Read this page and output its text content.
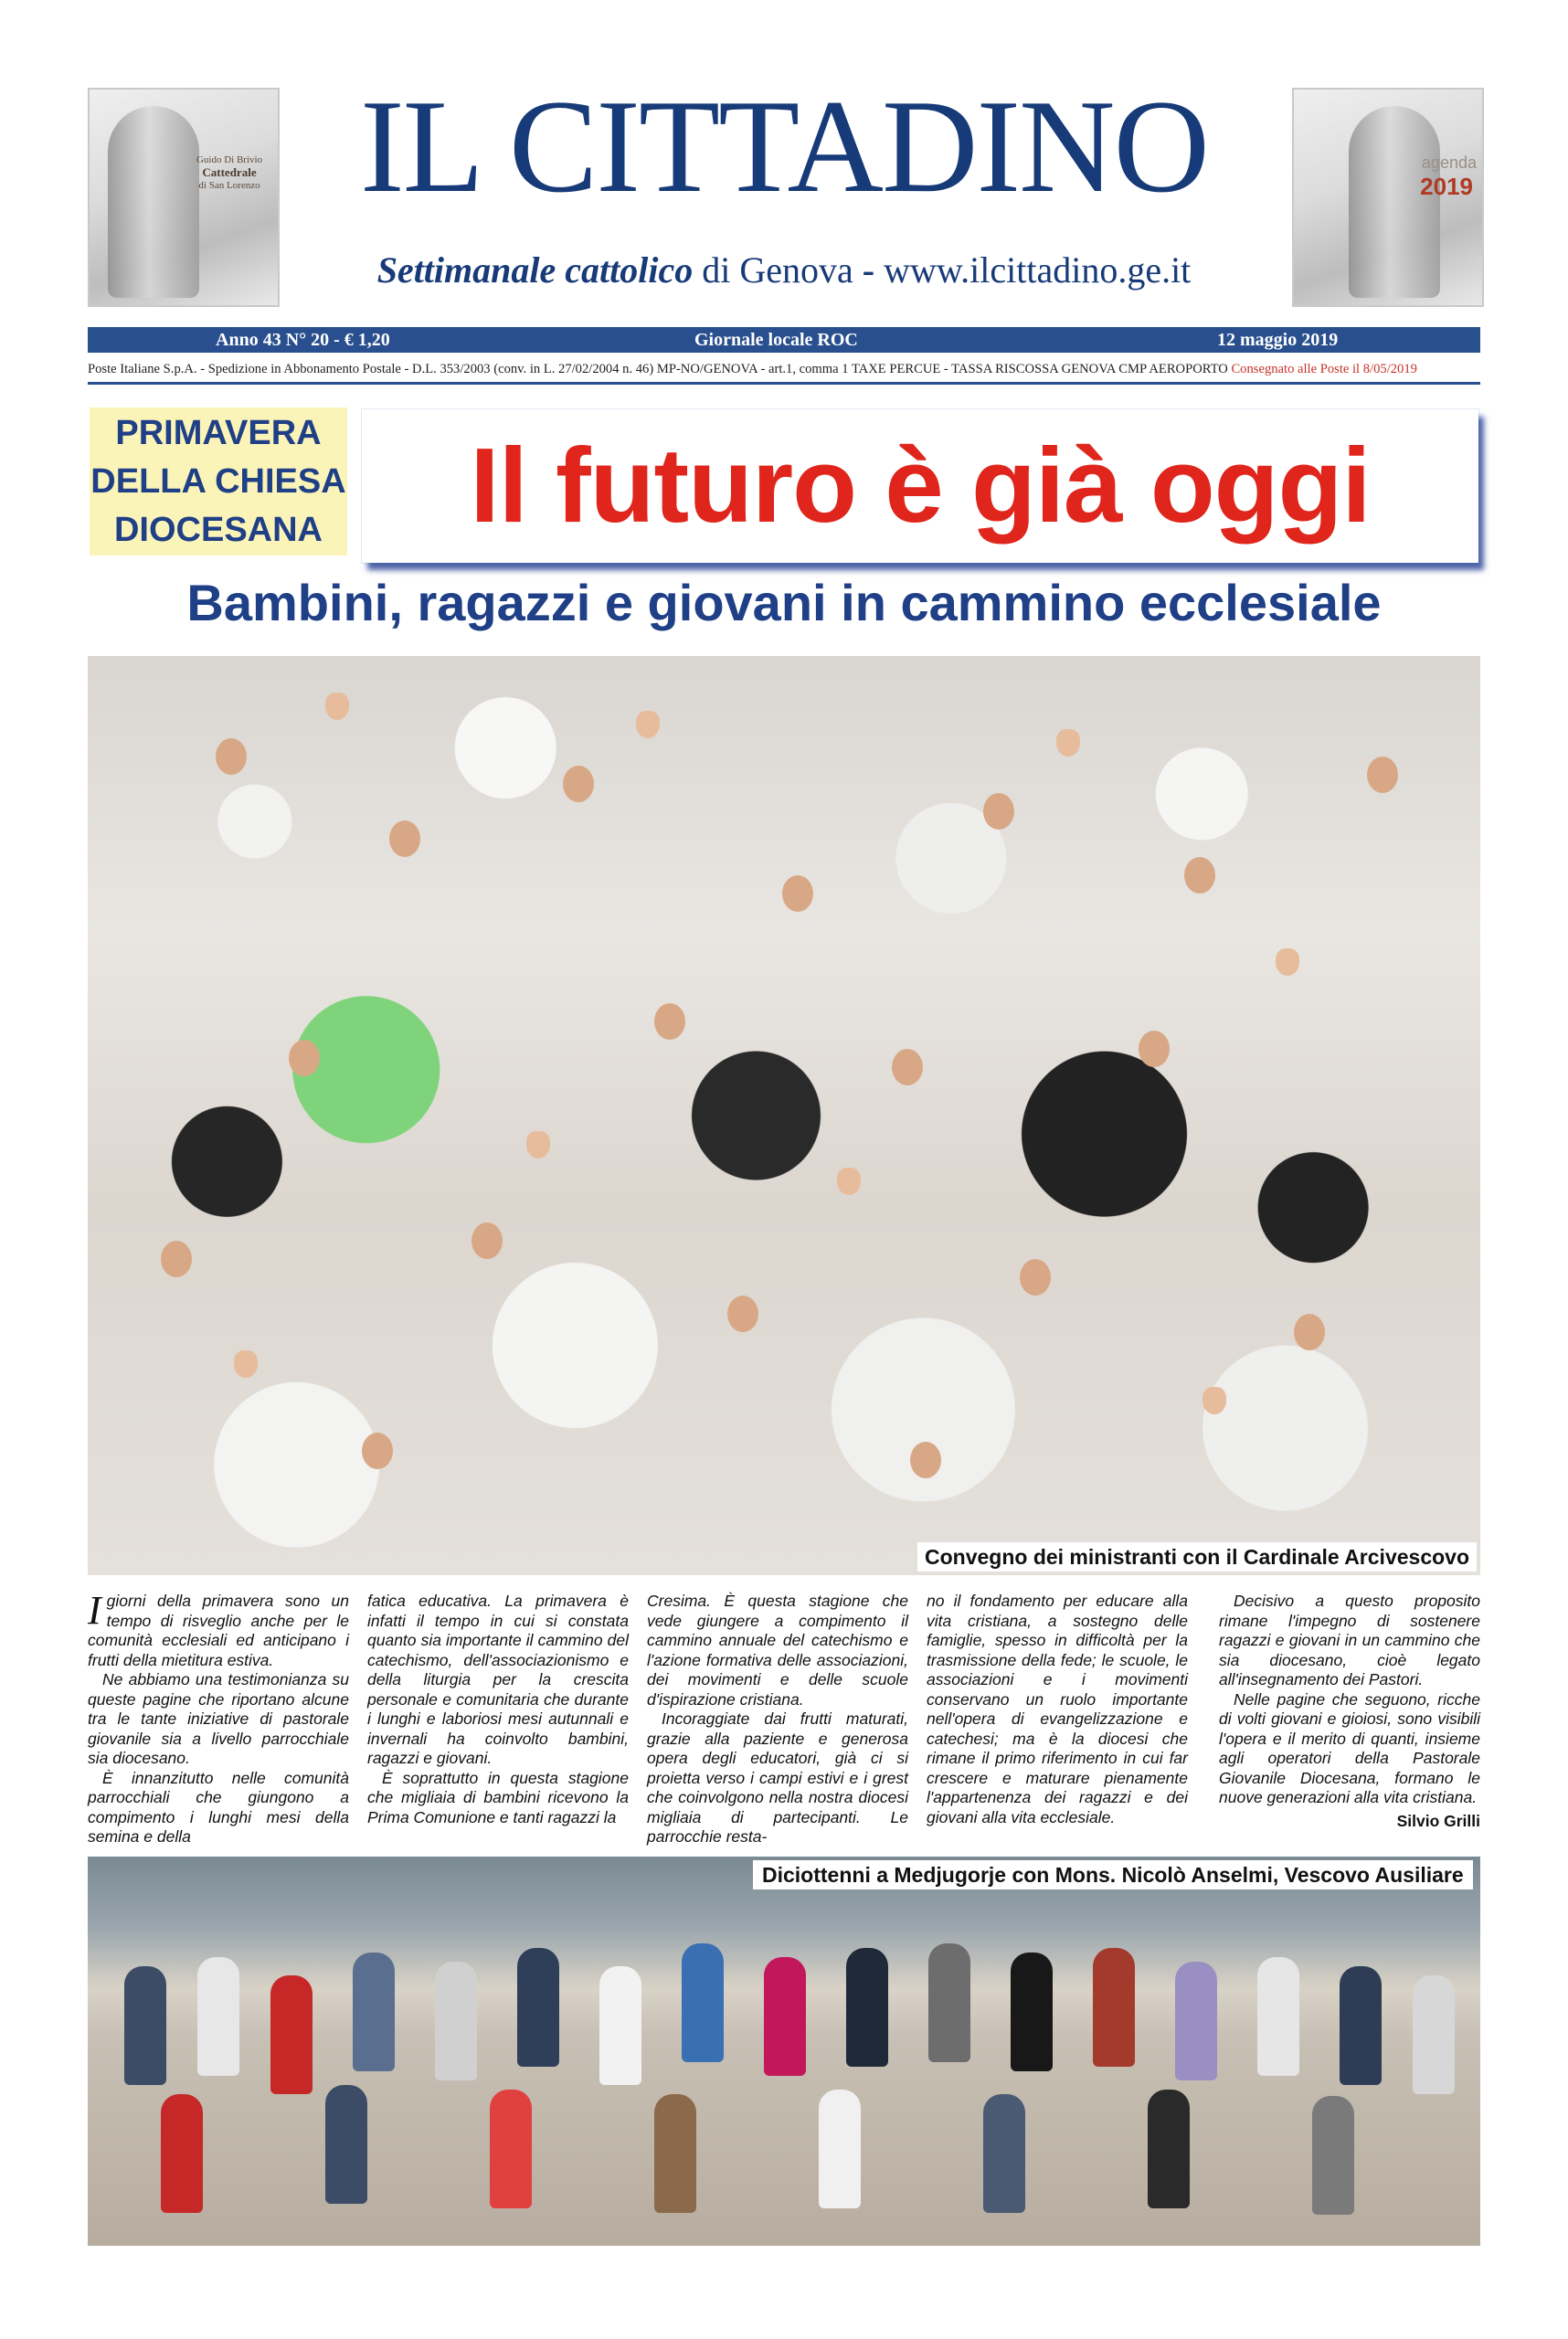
Guido Di Brivio
Cattedrale
di San Lorenzo
agenda
2019
IL CITTADINO
Settimanale cattolico di Genova - www.ilcittadino.ge.it
Anno 43 N° 20 - € 1,20	Giornale locale ROC	12 maggio 2019
Poste Italiane S.p.A. - Spedizione in Abbonamento Postale - D.L. 353/2003 (conv. in L. 27/02/2004 n. 46) MP-NO/GENOVA - art.1, comma 1 TAXE PERCUE - TASSA RISCOSSA GENOVA CMP AEROPORTO Consegnato alle Poste il 8/05/2019
PRIMAVERA
DELLA CHIESA
DIOCESANA	Il futuro è già oggi
Bambini, ragazzi e giovani in cammino ecclesiale
Convegno dei ministranti con il Cardinale Arcivescovo

Igiorni della primavera sono un tempo di risveglio anche per le comunità ecclesiali ed anticipano i frutti della mietitura estiva.

Ne abbiamo una testimonianza su queste pagine che riportano alcune tra le tante iniziative di pastorale giovanile sia a livello parrocchiale sia diocesano.

È innanzitutto nelle comunità parrocchiali che giungono a compimento i lunghi mesi della semina e della

fatica educativa. La primavera è infatti il tempo in cui si constata quanto sia importante il cammino del catechismo, dell'associazionismo e della liturgia per la crescita personale e comunitaria che durante i lunghi e laboriosi mesi autunnali e invernali ha coinvolto bambini, ragazzi e giovani.

È soprattutto in questa stagione che migliaia di bambini ricevono la Prima Comunione e tanti ragazzi la

Cresima. È questa stagione che vede giungere a compimento il cammino annuale del catechismo e l'azione formativa delle associazioni, dei movimenti e delle scuole d'ispirazione cristiana.

Incoraggiate dai frutti maturati, grazie alla paziente e generosa opera degli educatori, già ci si proietta verso i campi estivi e i grest che coinvolgono nella nostra diocesi migliaia di partecipanti. Le parrocchie resta-

no il fondamento per educare alla vita cristiana, a sostegno delle famiglie, spesso in difficoltà per la trasmissione della fede; le scuole, le associazioni e i movimenti conservano un ruolo importante nell'opera di evangelizzazione e catechesi; ma è la diocesi che rimane il primo riferimento in cui far crescere e maturare pienamente l'appartenenza dei ragazzi e dei giovani alla vita ecclesiale.

Decisivo a questo proposito rimane l'impegno di sostenere ragazzi e giovani in un cammino che sia diocesano, cioè legato all'insegnamento dei Pastori.

Nelle pagine che seguono, ricche di volti giovani e gioiosi, sono visibili l'opera e il merito di quanti, insieme agli operatori della Pastorale Giovanile Diocesana, formano le nuove generazioni alla vita cristiana.

Silvio Grilli
Diciottenni a Medjugorje con Mons. Nicolò Anselmi, Vescovo Ausiliare
